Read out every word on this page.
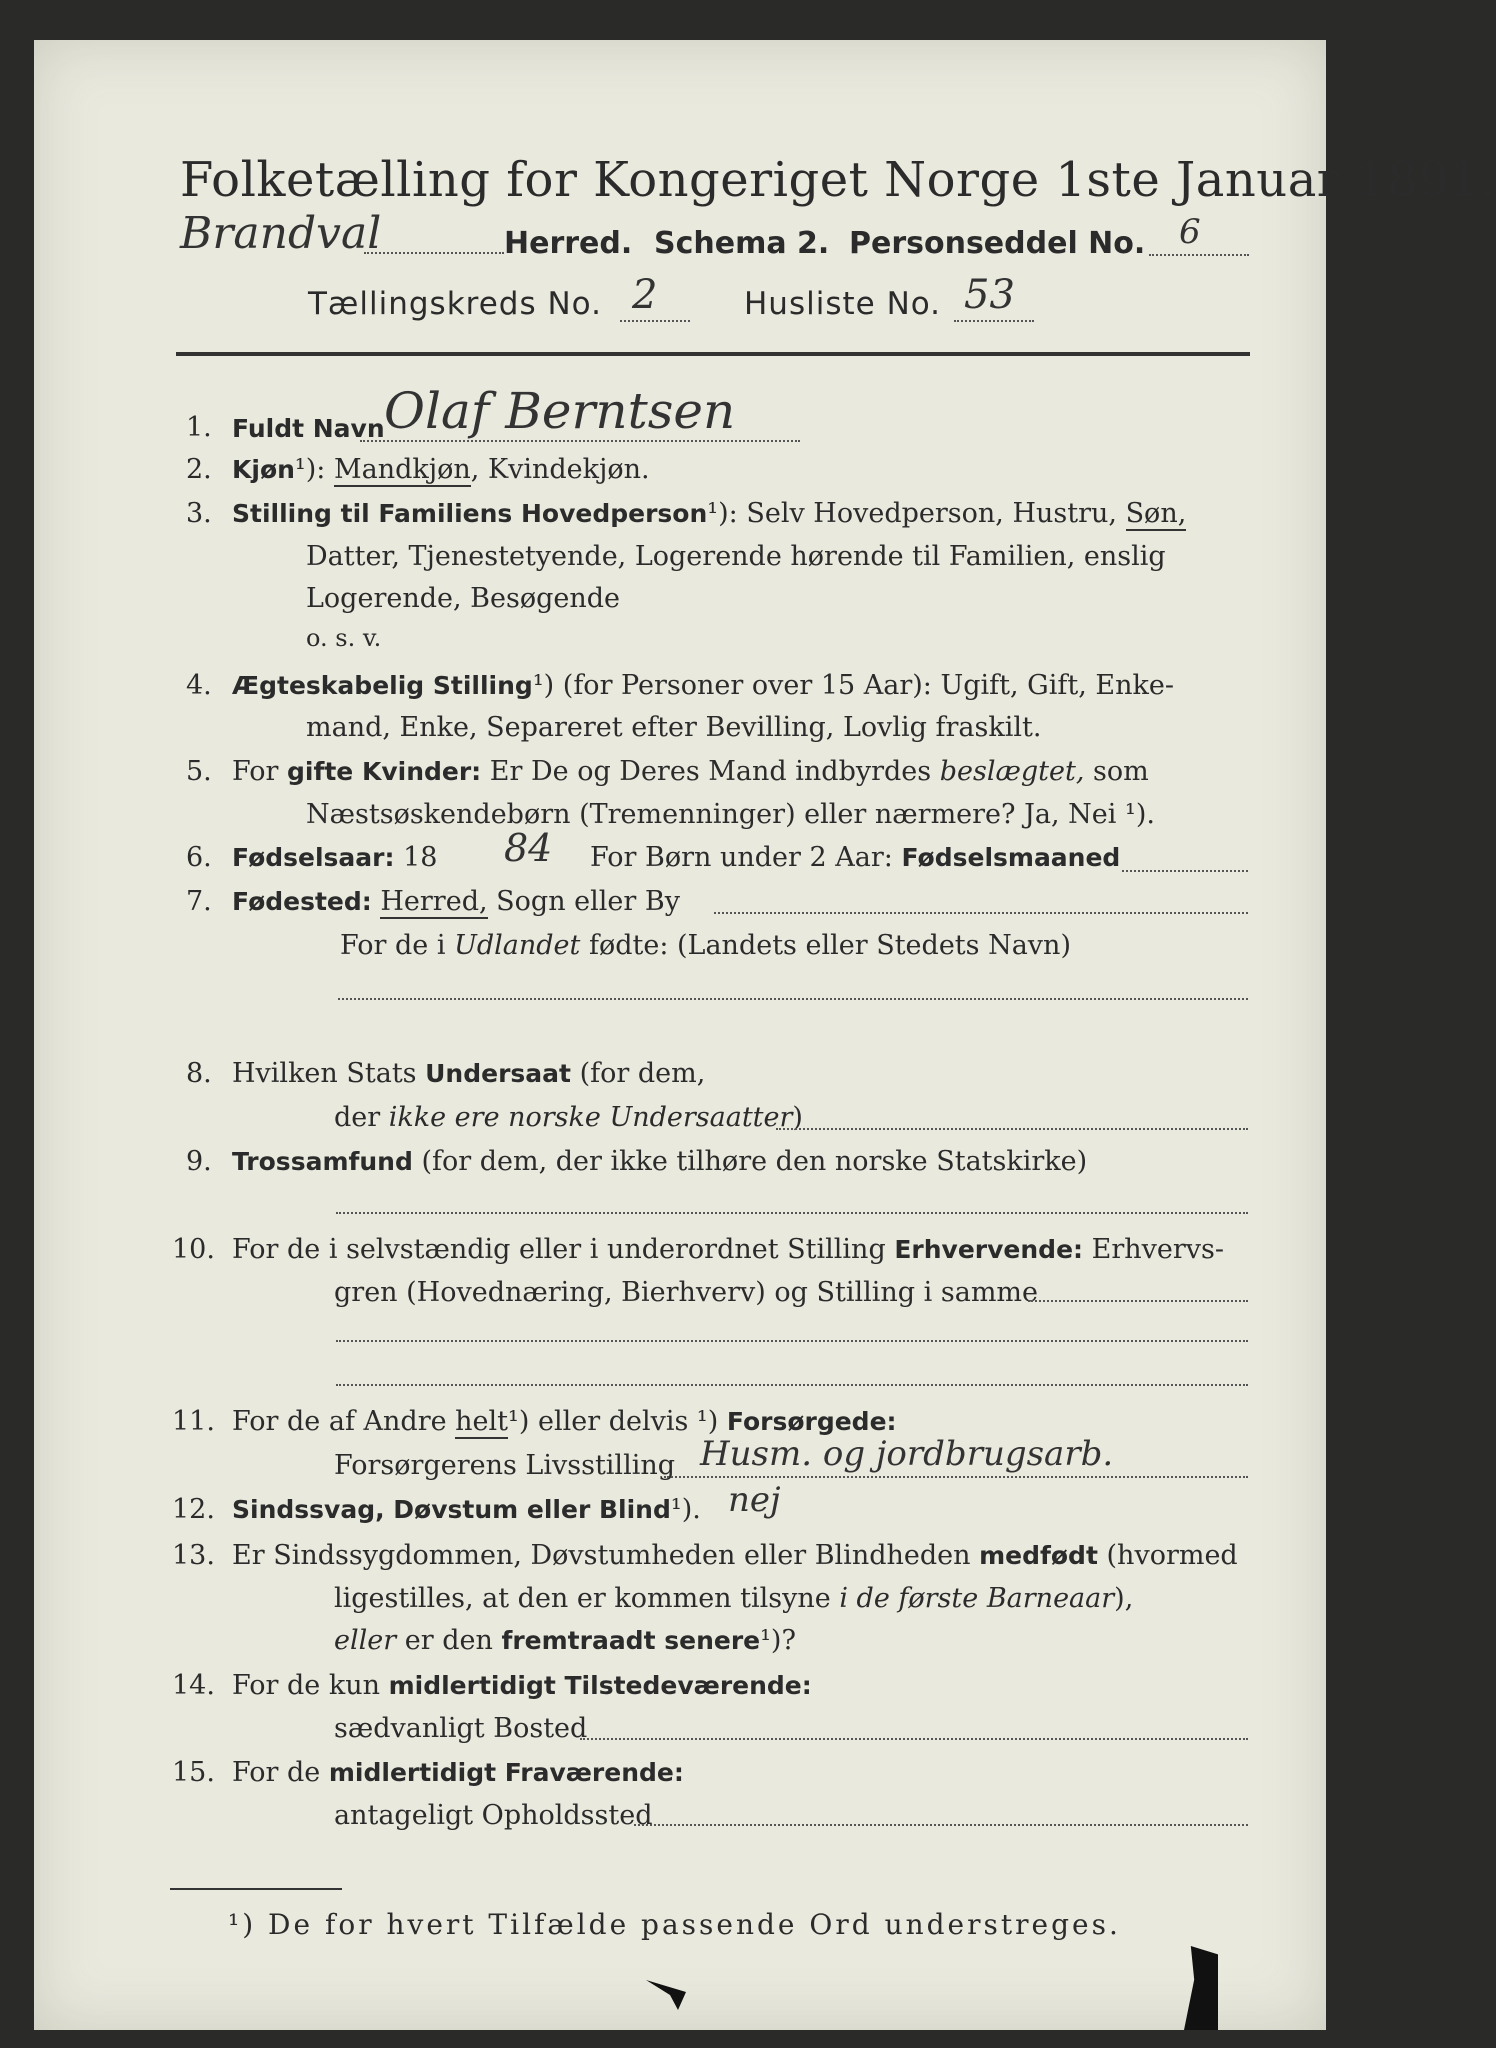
Folketælling for Kongeriget Norge 1ste Januar 1891.
Brandval	Herred. Schema 2. Personseddel No. 6
Tællingskreds No. 2	Husliste No. 53
1. Fuldt Navn Olaf Berntsen
2. Kjøn¹): Mandkjøn, Kvindekjøn.
3. Stilling til Familiens Hovedperson¹): Selv Hovedperson, Hustru, Søn,
Datter, Tjenestetyende, Logerende hørende til Familien, enslig
Logerende, Besøgende
o. s. v.
4. Ægteskabelig Stilling¹) (for Personer over 15 Aar): Ugift, Gift, Enke-
mand, Enke, Separeret efter Bevilling, Lovlig fraskilt.
5. For gifte Kvinder: Er De og Deres Mand indbyrdes beslægtet, som
Næstsøskendebørn (Tremenninger) eller nærmere? Ja, Nei ¹).
6. Fødselsaar: 18 84 For Børn under 2 Aar: Fødselsmaaned
7. Fødested: Herred, Sogn eller By
For de i Udlandet fødte: (Landets eller Stedets Navn)
8. Hvilken Stats Undersaat (for dem,
der ikke ere norske Undersaatter)
9. Trossamfund (for dem, der ikke tilhøre den norske Statskirke)
10. For de i selvstændig eller i underordnet Stilling Erhvervende: Erhvervs-
gren (Hovednæring, Bierhverv) og Stilling i samme
11. For de af Andre helt¹) eller delvis ¹) Forsørgede:
Forsørgerens Livsstilling Husm. og jordbrugsarb.
12. Sindssvag, Døvstum eller Blind¹). nej
13. Er Sindssygdommen, Døvstumheden eller Blindheden medfødt (hvormed
ligestilles, at den er kommen tilsyne i de første Barneaar),
eller er den fremtraadt senere¹)?
14. For de kun midlertidigt Tilstedeværende:
sædvanligt Bosted
15. For de midlertidigt Fraværende:
antageligt Opholdssted
¹) De for hvert Tilfælde passende Ord understreges.
